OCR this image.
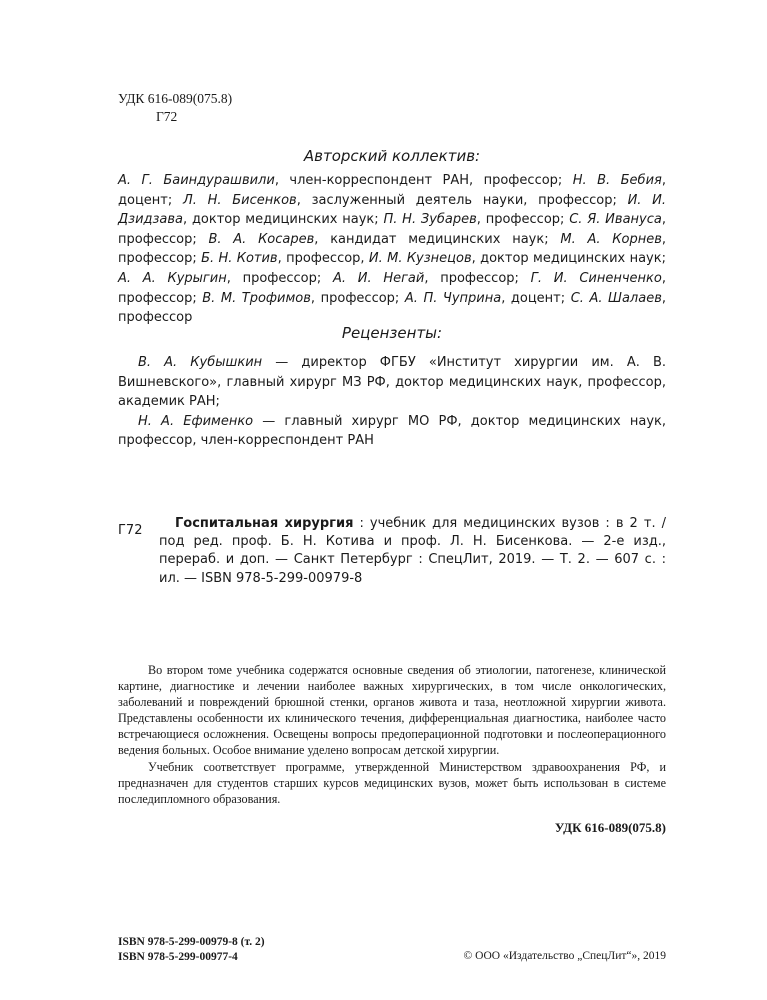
УДК 616-089(075.8)
Г72
Авторский коллектив:
А. Г. Баиндурашвили, член-корреспондент РАН, профессор; Н. В. Бебия, доцент; Л. Н. Бисенков, заслуженный деятель науки, профессор; И. И. Дзидзава, доктор медицинских наук; П. Н. Зубарев, профессор; С. Я. Ивануса, профессор; В. А. Косарев, кандидат медицинских наук; М. А. Корнев, профессор; Б. Н. Котив, профессор, И. М. Кузнецов, доктор медицинских наук; А. А. Курыгин, профессор; А. И. Негай, профессор; Г. И. Синенченко, профессор; В. М. Трофимов, профессор; А. П. Чуприна, доцент; С. А. Шалаев, профессор
Рецензенты:

В. А. Кубышкин — директор ФГБУ «Институт хирургии им. А. В. Вишневского», главный хирург МЗ РФ, доктор медицинских наук, профессор, академик РАН;

Н. А. Ефименко — главный хирург МО РФ, доктор медицинских наук, профессор, член-корреспондент РАН

Г72	Госпитальная хирургия : учебник для медицинских вузов : в 2 т. / под ред. проф. Б. Н. Котива и проф. Л. Н. Бисенкова. — 2-е изд., перераб. и доп. — Санкт Петербург : СпецЛит, 2019. — Т. 2. — 607 с. : ил. — ISBN 978-5-299-00979-8

Во втором томе учебника содержатся основные сведения об этиологии, патогенезе, клинической картине, диагностике и лечении наиболее важных хирургических, в том числе онкологических, заболеваний и повреждений брюшной стенки, органов живота и таза, неотложной хирургии живота. Представлены особенности их клинического течения, дифференциальная диагностика, наиболее часто встречающиеся осложнения. Освещены вопросы предоперационной подготовки и послеоперационного ведения больных. Особое внимание уделено вопросам детской хирургии.

Учебник соответствует программе, утвержденной Министерством здравоохранения РФ, и предназначен для студентов старших курсов медицинских вузов, может быть использован в системе последипломного образования.

УДК 616-089(075.8)
ISBN 978-5-299-00979-8 (т. 2)
ISBN 978-5-299-00977-4	© ООО «Издательство „СпецЛит“», 2019
